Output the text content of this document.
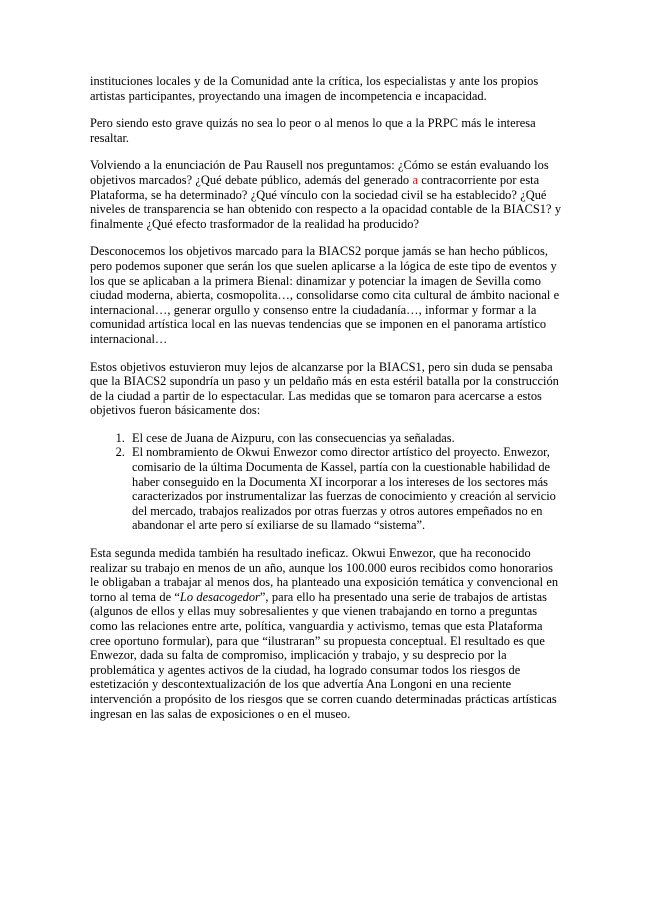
instituciones locales y de la Comunidad ante la crítica, los especialistas y ante los propios artistas participantes, proyectando una imagen de incompetencia e incapacidad.

Pero siendo esto grave quizás no sea lo peor o al menos lo que a la PRPC más le interesa resaltar.

Volviendo a la enunciación de Pau Rausell nos preguntamos: ¿Cómo se están evaluando los objetivos marcados? ¿Qué debate público, además del generado a contracorriente por esta Plataforma, se ha determinado? ¿Qué vínculo con la sociedad civil se ha establecido? ¿Qué niveles de transparencia se han obtenido con respecto a la opacidad contable de la BIACS1? y finalmente ¿Qué efecto trasformador de la realidad ha producido?

Desconocemos los objetivos marcado para la BIACS2 porque jamás se han hecho públicos, pero podemos suponer que serán los que suelen aplicarse a la lógica de este tipo de eventos y los que se aplicaban a la primera Bienal: dinamizar y potenciar la imagen de Sevilla como ciudad moderna, abierta, cosmopolita…, consolidarse como cita cultural de ámbito nacional e internacional…, generar orgullo y consenso entre la ciudadanía…, informar y formar a la comunidad artística local en las nuevas tendencias que se imponen en el panorama artístico internacional…

Estos objetivos estuvieron muy lejos de alcanzarse por la BIACS1, pero sin duda se pensaba que la BIACS2 supondría un paso y un peldaño más en esta estéril batalla por la construcción de la ciudad a partir de lo espectacular. Las medidas que se tomaron para acercarse a estos objetivos fueron básicamente dos:

1. El cese de Juana de Aizpuru, con las consecuencias ya señaladas.
2. El nombramiento de Okwui Enwezor como director artístico del proyecto. Enwezor, comisario de la última Documenta de Kassel, partía con la cuestionable habilidad de haber conseguido en la Documenta XI incorporar a los intereses de los sectores más caracterizados por instrumentalizar las fuerzas de conocimiento y creación al servicio del mercado, trabajos realizados por otras fuerzas y otros autores empeñados no en abandonar el arte pero sí exiliarse de su llamado “sistema”.

Esta segunda medida también ha resultado ineficaz. Okwui Enwezor, que ha reconocido realizar su trabajo en menos de un año, aunque los 100.000 euros recibidos como honorarios le obligaban a trabajar al menos dos, ha planteado una exposición temática y convencional en torno al tema de “Lo desacogedor”, para ello ha presentado una serie de trabajos de artistas (algunos de ellos y ellas muy sobresalientes y que vienen trabajando en torno a preguntas como las relaciones entre arte, política, vanguardia y activismo, temas que esta Plataforma cree oportuno formular), para que “ilustraran” su propuesta conceptual. El resultado es que Enwezor, dada su falta de compromiso, implicación y trabajo, y su desprecio por la problemática y agentes activos de la ciudad, ha logrado consumar todos los riesgos de estetización y descontextualización de los que advertía Ana Longoni en una reciente intervención a propósito de los riesgos que se corren cuando determinadas prácticas artísticas ingresan en las salas de exposiciones o en el museo.
